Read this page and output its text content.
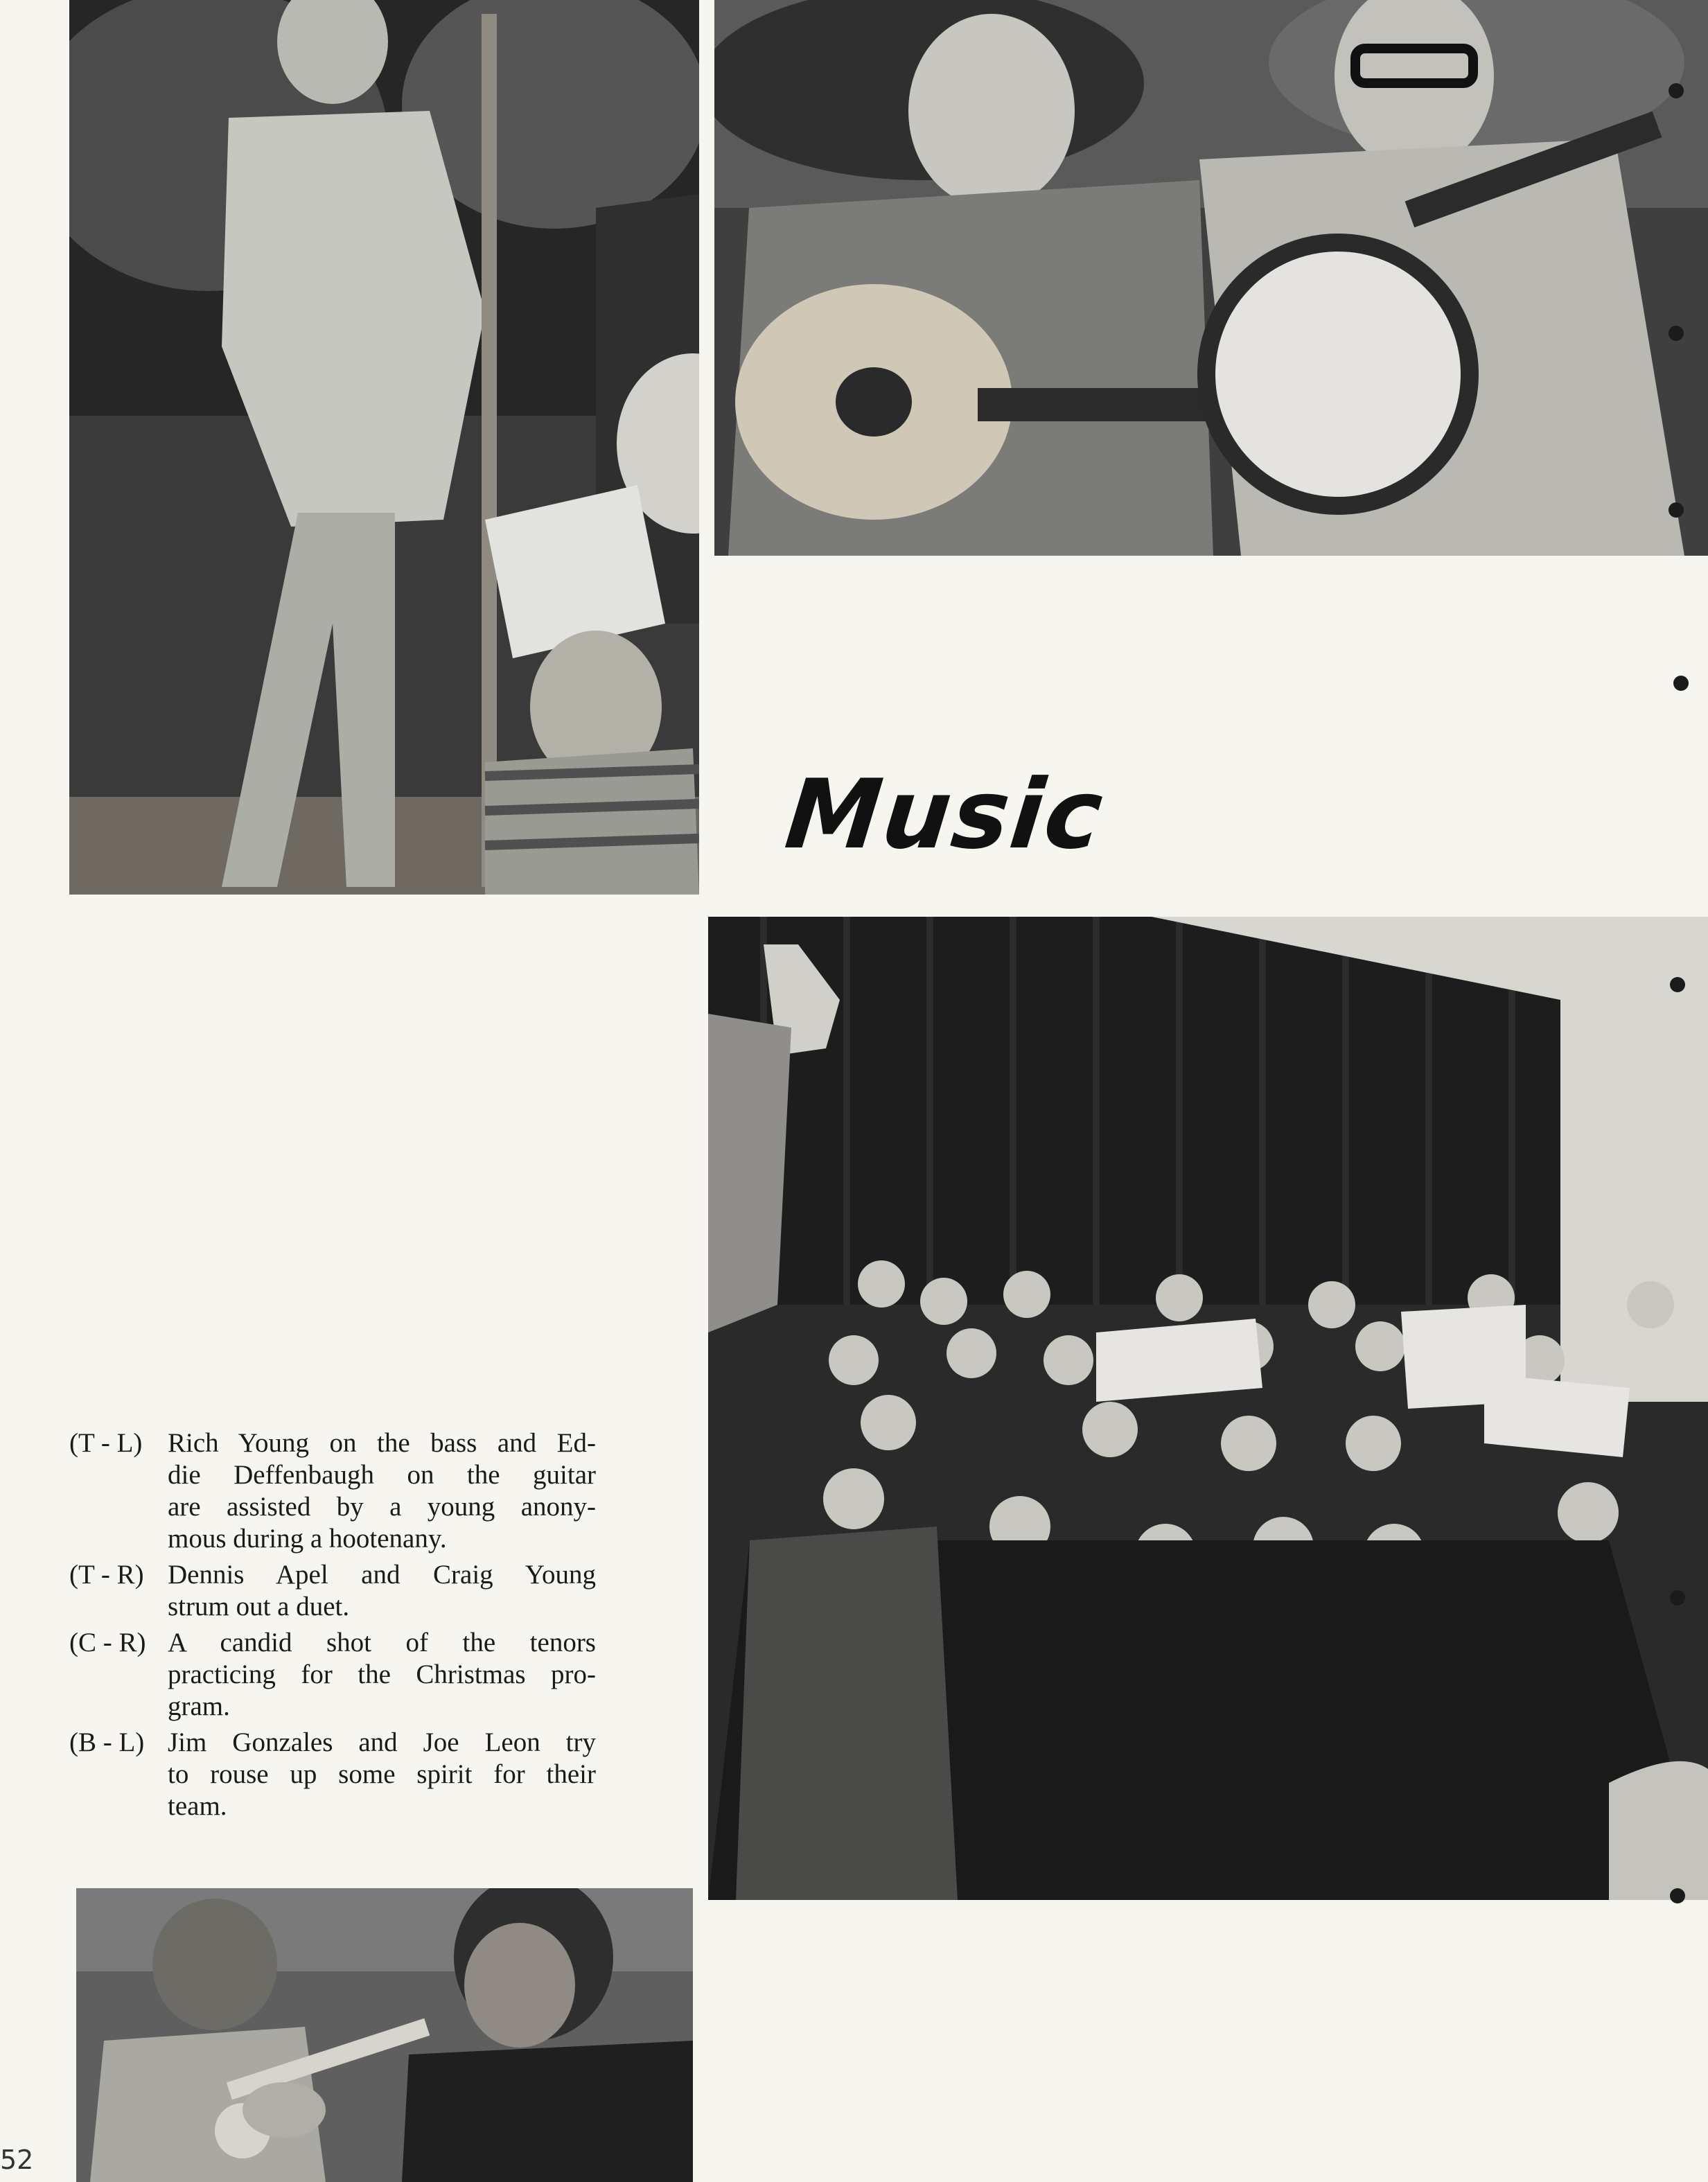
Music
(T - L) Rich Young on the bass and Ed-
die Deffenbaugh on the guitar
are assisted by a young anony-
mous during a hootenany.
(T - R) Dennis Apel and Craig Young
strum out a duet.
(C - R) A candid shot of the tenors
practicing for the Christmas pro-
gram.
(B - L) Jim Gonzales and Joe Leon try
to rouse up some spirit for their
team.
52
